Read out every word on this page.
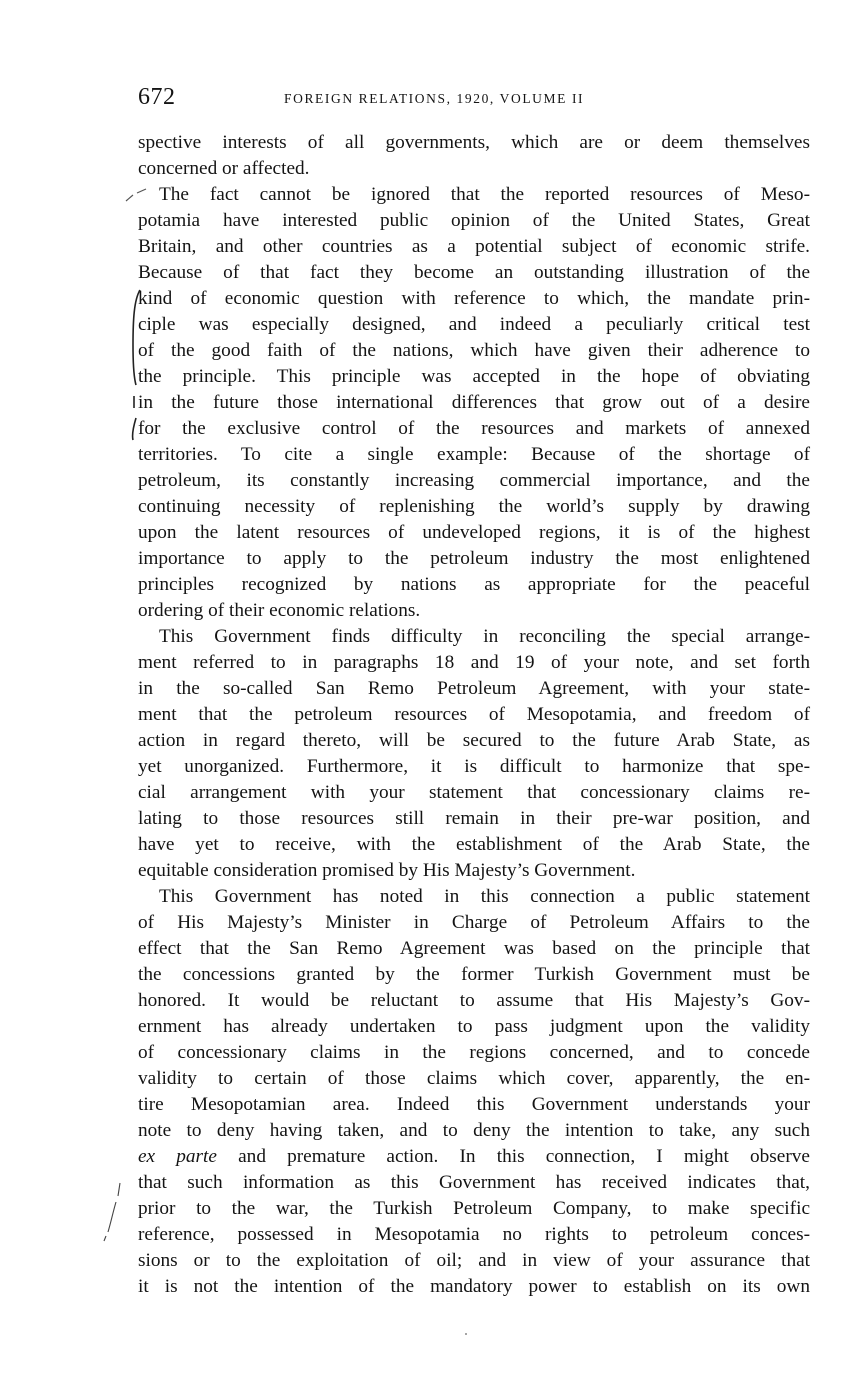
672	FOREIGN RELATIONS, 1920, VOLUME II
spective interests of all governments, which are or deem themselves
concerned or affected.
The fact cannot be ignored that the reported resources of Meso-
potamia have interested public opinion of the United States, Great
Britain, and other countries as a potential subject of economic strife.
Because of that fact they become an outstanding illustration of the
kind of economic question with reference to which, the mandate prin-
ciple was especially designed, and indeed a peculiarly critical test
of the good faith of the nations, which have given their adherence to
the principle. This principle was accepted in the hope of obviating
in the future those international differences that grow out of a desire
for the exclusive control of the resources and markets of annexed
territories. To cite a single example: Because of the shortage of
petroleum, its constantly increasing commercial importance, and the
continuing necessity of replenishing the world’s supply by drawing
upon the latent resources of undeveloped regions, it is of the highest
importance to apply to the petroleum industry the most enlightened
principles recognized by nations as appropriate for the peaceful
ordering of their economic relations.
This Government finds difficulty in reconciling the special arrange-
ment referred to in paragraphs 18 and 19 of your note, and set forth
in the so-called San Remo Petroleum Agreement, with your state-
ment that the petroleum resources of Mesopotamia, and freedom of
action in regard thereto, will be secured to the future Arab State, as
yet unorganized. Furthermore, it is difficult to harmonize that spe-
cial arrangement with your statement that concessionary claims re-
lating to those resources still remain in their pre-war position, and
have yet to receive, with the establishment of the Arab State, the
equitable consideration promised by His Majesty’s Government.
This Government has noted in this connection a public statement
of His Majesty’s Minister in Charge of Petroleum Affairs to the
effect that the San Remo Agreement was based on the principle that
the concessions granted by the former Turkish Government must be
honored. It would be reluctant to assume that His Majesty’s Gov-
ernment has already undertaken to pass judgment upon the validity
of concessionary claims in the regions concerned, and to concede
validity to certain of those claims which cover, apparently, the en-
tire Mesopotamian area. Indeed this Government understands your
note to deny having taken, and to deny the intention to take, any such
ex parte and premature action. In this connection, I might observe
that such information as this Government has received indicates that,
prior to the war, the Turkish Petroleum Company, to make specific
reference, possessed in Mesopotamia no rights to petroleum conces-
sions or to the exploitation of oil; and in view of your assurance that
it is not the intention of the mandatory power to establish on its own
